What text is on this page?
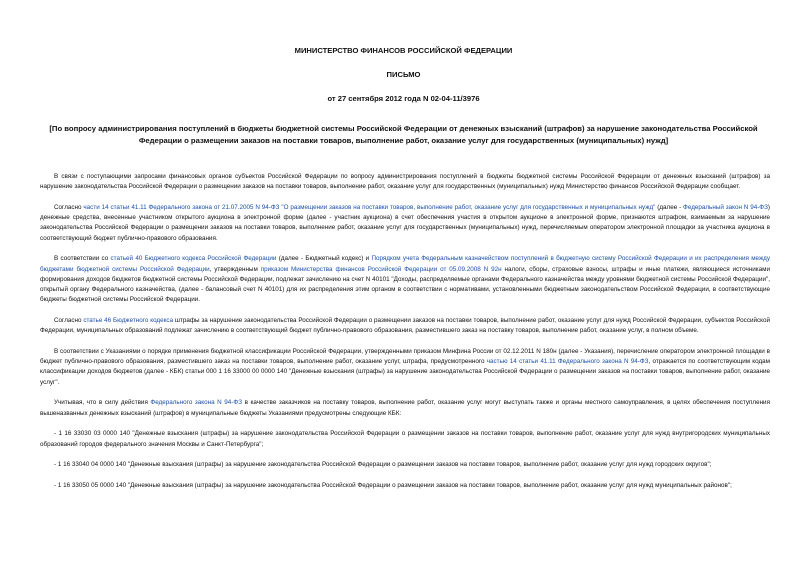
МИНИСТЕРСТВО ФИНАНСОВ РОССИЙСКОЙ ФЕДЕРАЦИИ
ПИСЬМО
от 27 сентября 2012 года N 02-04-11/3976
[По вопросу администрирования поступлений в бюджеты бюджетной системы Российской Федерации от денежных взысканий (штрафов) за нарушение законодательства Российской Федерации о размещении заказов на поставки товаров, выполнение работ, оказание услуг для государственных (муниципальных) нужд]

В связи с поступающими запросами финансовых органов субъектов Российской Федерации по вопросу администрирования поступлений в бюджеты бюджетной системы Российской Федерации от денежных взысканий (штрафов) за нарушение законодательства Российской Федерации о размещении заказов на поставки товаров, выполнение работ, оказание услуг для государственных (муниципальных) нужд Министерство финансов Российской Федерации сообщает.

Согласно части 14 статьи 41.11 Федерального закона от 21.07.2005 N 94-ФЗ "О размещении заказов на поставки товаров, выполнение работ, оказание услуг для государственных и муниципальных нужд" (далее - Федеральный закон N 94-ФЗ) денежные средства, внесенные участником открытого аукциона в электронной форме (далее - участник аукциона) в счет обеспечения участия в открытом аукционе в электронной форме, признаются штрафом, взимаемым за нарушение законодательства Российской Федерации о размещении заказов на поставки товаров, выполнение работ, оказание услуг для государственных (муниципальных) нужд, перечисляемым оператором электронной площадки за участника аукциона в соответствующий бюджет публично-правового образования.

В соответствии со статьей 40 Бюджетного кодекса Российской Федерации (далее - Бюджетный кодекс) и Порядком учета Федеральным казначейством поступлений в бюджетную систему Российской Федерации и их распределения между бюджетами бюджетной системы Российской Федерации, утвержденным приказом Министерства финансов Российской Федерации от 05.09.2008 N 92н налоги, сборы, страховые взносы, штрафы и иные платежи, являющиеся источниками формирования доходов бюджетов бюджетной системы Российской Федерации, подлежат зачислению на счет N 40101 "Доходы, распределяемые органами Федерального казначейства между уровнями бюджетной системы Российской Федерации", открытый органу Федерального казначейства, (далее - балансовый счет N 40101) для их распределения этим органом в соответствии с нормативами, установленными бюджетным законодательством Российской Федерации, в соответствующие бюджеты бюджетной системы Российской Федерации.

Согласно статье 46 Бюджетного кодекса штрафы за нарушение законодательства Российской Федерации о размещении заказов на поставки товаров, выполнение работ, оказание услуг для нужд Российской Федерации, субъектов Российской Федерации, муниципальных образований подлежат зачислению в соответствующий бюджет публично-правового образования, разместившего заказ на поставку товаров, выполнение работ, оказание услуг, в полном объеме.

В соответствии с Указаниями о порядке применения бюджетной классификации Российской Федерации, утвержденными приказом Минфина России от 02.12.2011 N 180н (далее - Указания), перечисление оператором электронной площадки в бюджет публично-правового образования, разместившего заказ на поставки товаров, выполнение работ, оказание услуг, штрафа, предусмотренного частью 14 статьи 41.11 Федерального закона N 94-ФЗ, отражается по соответствующим кодам классификации доходов бюджетов (далее - КБК) статьи 000 1 16 33000 00 0000 140 "Денежные взыскания (штрафы) за нарушение законодательства Российской Федерации о размещении заказов на поставки товаров, выполнение работ, оказание услуг".

Учитывая, что в силу действия Федерального закона N 94-ФЗ в качестве заказчиков на поставку товаров, выполнение работ, оказание услуг могут выступать также и органы местного самоуправления, в целях обеспечения поступления вышеназванных денежных взысканий (штрафов) в муниципальные бюджеты Указаниями предусмотрены следующие КБК:

- 1 16 33030 03 0000 140 "Денежные взыскания (штрафы) за нарушение законодательства Российской Федерации о размещении заказов на поставки товаров, выполнение работ, оказание услуг для нужд внутригородских муниципальных образований городов федерального значения Москвы и Санкт-Петербурга";

- 1 16 33040 04 0000 140 "Денежные взыскания (штрафы) за нарушение законодательства Российской Федерации о размещении заказов на поставки товаров, выполнение работ, оказание услуг для нужд городских округов";

- 1 16 33050 05 0000 140 "Денежные взыскания (штрафы) за нарушение законодательства Российской Федерации о размещении заказов на поставки товаров, выполнение работ, оказание услуг для нужд муниципальных районов";
